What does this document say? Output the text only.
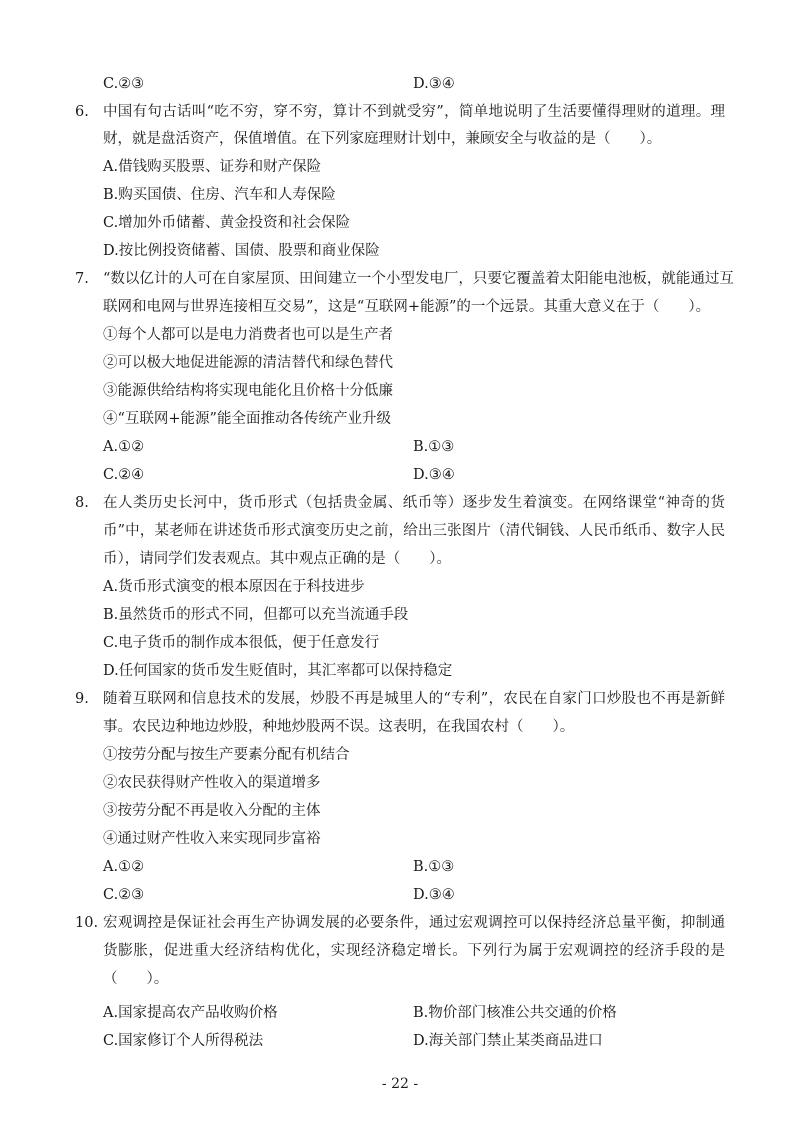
C.②③	D.③④
6. 中国有句古话叫“吃不穷，穿不穷，算计不到就受穷”，简单地说明了生活要懂得理财的道理。理
财，就是盘活资产，保值增值。在下列家庭理财计划中，兼顾安全与收益的是（　　）。
A.借钱购买股票、证券和财产保险
B.购买国债、住房、汽车和人寿保险
C.增加外币储蓄、黄金投资和社会保险
D.按比例投资储蓄、国债、股票和商业保险
7. “数以亿计的人可在自家屋顶、田间建立一个小型发电厂，只要它覆盖着太阳能电池板，就能通过互
联网和电网与世界连接相互交易”，这是“互联网+能源”的一个远景。其重大意义在于（　　）。
①每个人都可以是电力消费者也可以是生产者
②可以极大地促进能源的清洁替代和绿色替代
③能源供给结构将实现电能化且价格十分低廉
④“互联网+能源”能全面推动各传统产业升级
A.①②	B.①③
C.②④	D.③④
8. 在人类历史长河中，货币形式（包括贵金属、纸币等）逐步发生着演变。在网络课堂“神奇的货
币”中，某老师在讲述货币形式演变历史之前，给出三张图片（清代铜钱、人民币纸币、数字人民
币），请同学们发表观点。其中观点正确的是（　　）。
A.货币形式演变的根本原因在于科技进步
B.虽然货币的形式不同，但都可以充当流通手段
C.电子货币的制作成本很低，便于任意发行
D.任何国家的货币发生贬值时，其汇率都可以保持稳定
9. 随着互联网和信息技术的发展，炒股不再是城里人的“专利”，农民在自家门口炒股也不再是新鲜
事。农民边种地边炒股，种地炒股两不误。这表明，在我国农村（　　）。
①按劳分配与按生产要素分配有机结合
②农民获得财产性收入的渠道增多
③按劳分配不再是收入分配的主体
④通过财产性收入来实现同步富裕
A.①②	B.①③
C.②③	D.③④
10. 宏观调控是保证社会再生产协调发展的必要条件，通过宏观调控可以保持经济总量平衡，抑制通
货膨胀，促进重大经济结构优化，实现经济稳定增长。下列行为属于宏观调控的经济手段的是
（　　）。
A.国家提高农产品收购价格	B.物价部门核准公共交通的价格
C.国家修订个人所得税法	D.海关部门禁止某类商品进口
- 22 -
